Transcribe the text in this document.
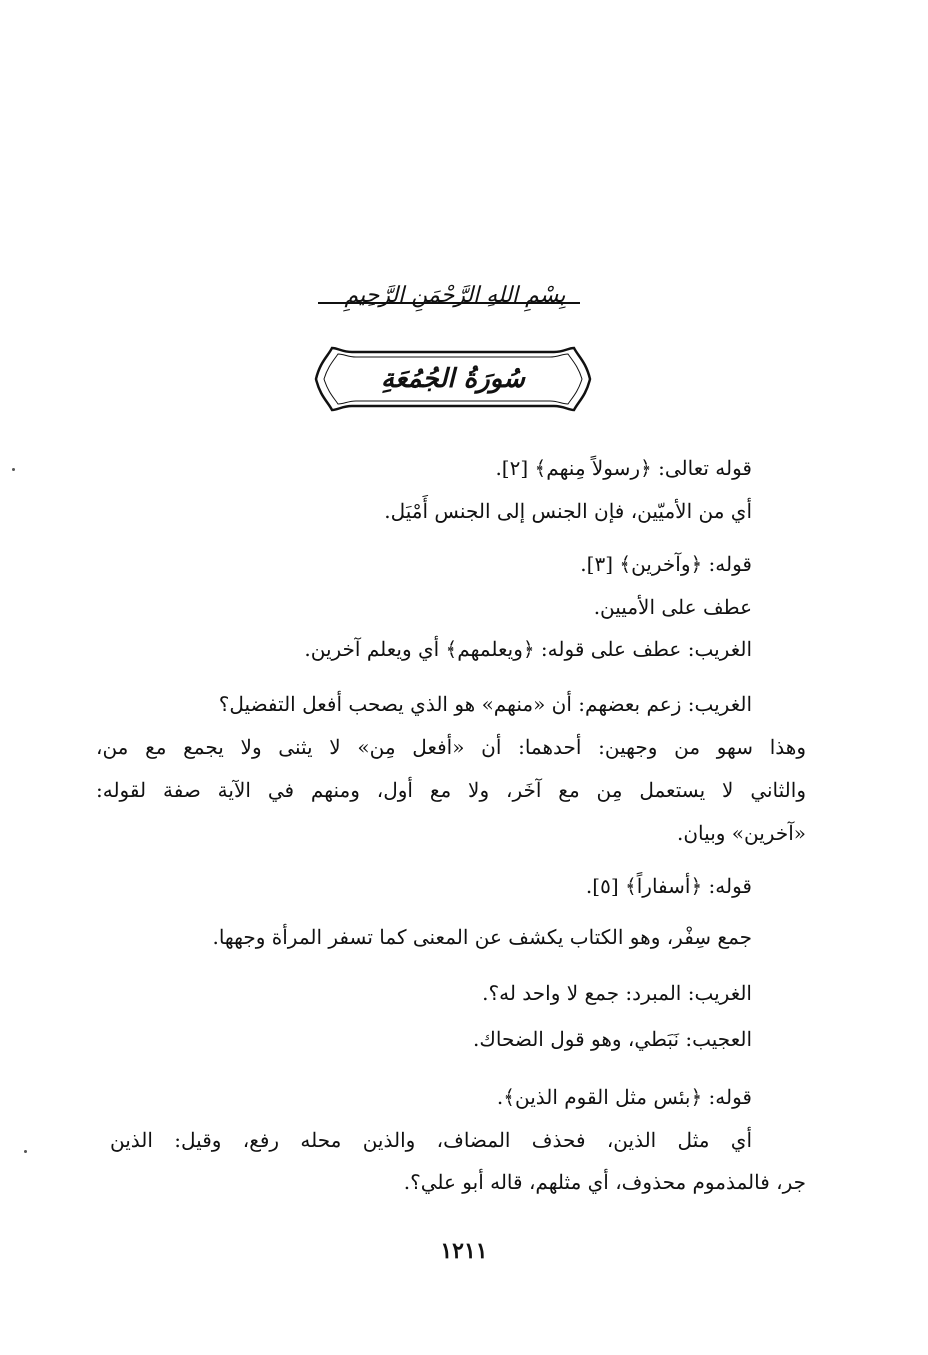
بِسْمِ اللهِ الرَّحْمَنِ الرَّحِيمِ
سُورَةُ الجُمُعَةِ
قوله تعالى: ﴿رسولاً مِنهم﴾ [٢].
أي من الأميّين، فإن الجنس إلى الجنس أَمْيَل.
قوله: ﴿وآخرين﴾ [٣].
عطف على الأميين.
الغريب: عطف على قوله: ﴿ويعلمهم﴾ أي ويعلم آخرين.
الغريب: زعم بعضهم: أن «منهم» هو الذي يصحب أفعل التفضيل؟
وهذا سهو من وجهين: أحدهما: أن «أفعل مِن» لا يثنى ولا يجمع مع من،
والثاني لا يستعمل مِن مع آخَر، ولا مع أول، ومنهم في الآية صفة لقوله:
«آخرين» وبيان.
قوله: ﴿أسفاراً﴾ [٥].
جمع سِفْر، وهو الكتاب يكشف عن المعنى كما تسفر المرأة وجهها.
الغريب: المبرد: جمع لا واحد له؟.
العجيب: نَبَطي، وهو قول الضحاك.
قوله: ﴿بئس مثل القوم الذين﴾.
أي مثل الذين، فحذف المضاف، والذين محله رفع، وقيل: الذين
جر، فالمذموم محذوف، أي مثلهم، قاله أبو علي؟.
١٢١١
